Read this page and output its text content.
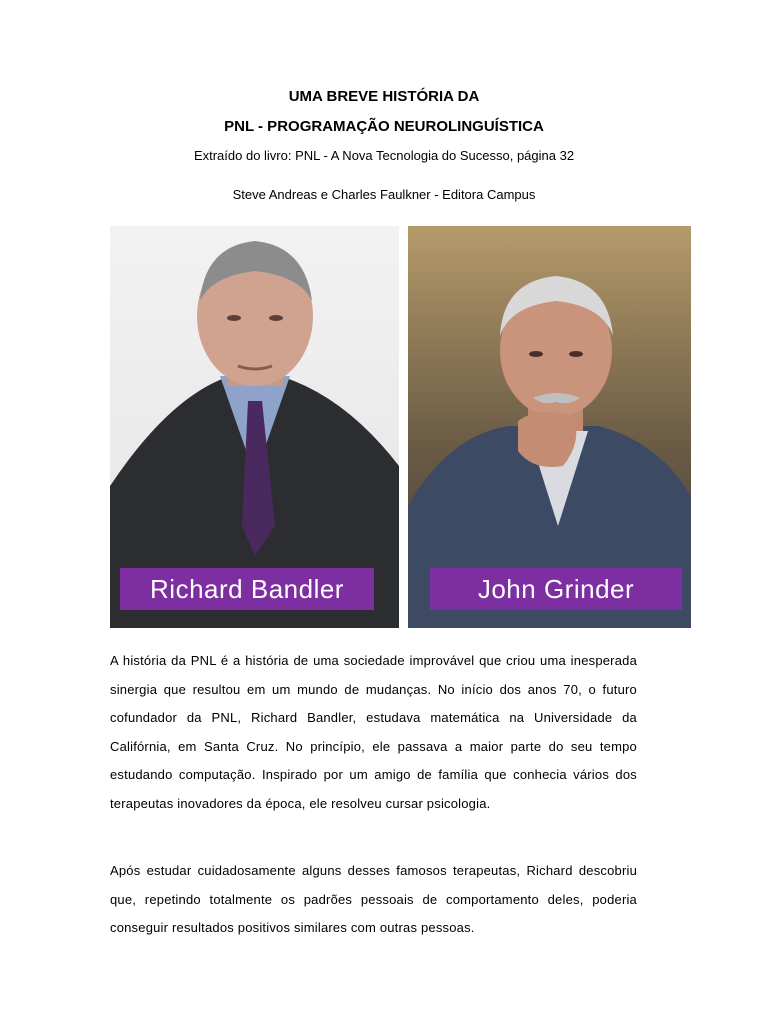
UMA BREVE HISTÓRIA DA
PNL - PROGRAMAÇÃO NEUROLINGUÍSTICA

Extraído do livro: PNL - A Nova Tecnologia do Sucesso, página 32

Steve Andreas e Charles Faulkner - Editora Campus

Richard Bandler	John Grinder

A história da PNL é a história de uma sociedade improvável que criou uma inesperada sinergia que resultou em um mundo de mudanças. No início dos anos 70, o futuro cofundador da PNL, Richard Bandler, estudava matemática na Universidade da Califórnia, em Santa Cruz. No princípio, ele passava a maior parte do seu tempo estudando computação. Inspirado por um amigo de família que conhecia vários dos terapeutas inovadores da época, ele resolveu cursar psicologia.

Após estudar cuidadosamente alguns desses famosos terapeutas, Richard descobriu que, repetindo totalmente os padrões pessoais de comportamento deles, poderia conseguir resultados positivos similares com outras pessoas.
